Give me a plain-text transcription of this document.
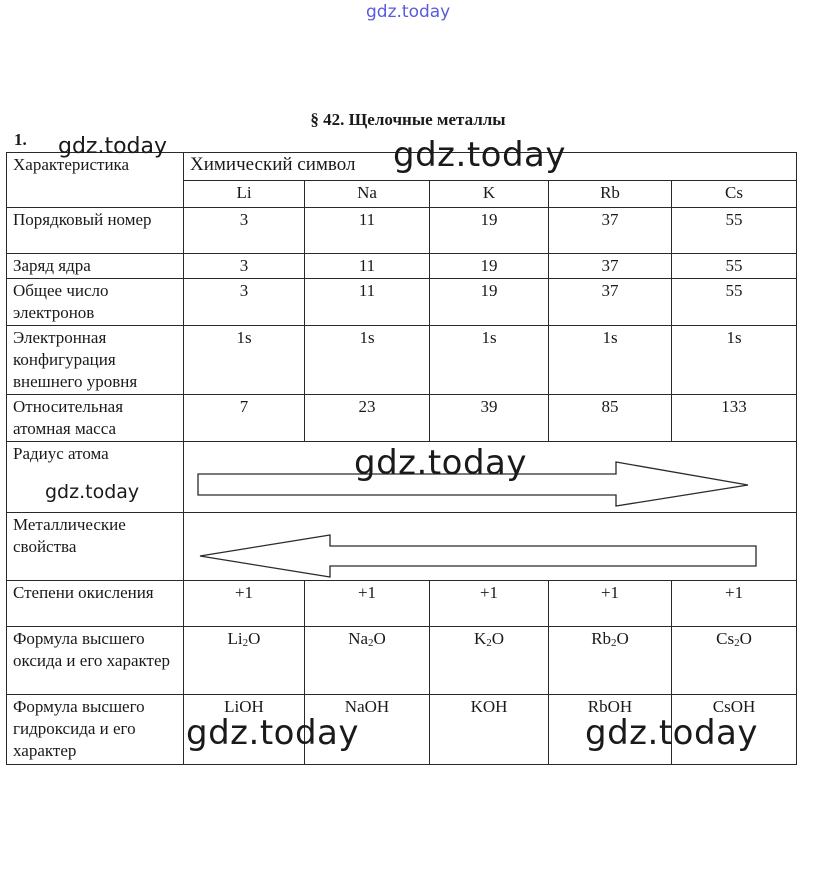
gdz.today
§ 42. Щелочные металлы
1.
Характеристика	Химический символ				
	Li	Na	K	Rb	Cs
Порядковый номер	3	11	19	37	55
Заряд ядра	3	11	19	37	55
Общее число электронов	3	11	19	37	55
Электронная конфигурация внешнего уровня	1s	1s	1s	1s	1s
Относительная атомная масса	7	23	39	85	133
Радиус атома	

Металлические свойства	

Степени окисления	+1	+1	+1	+1	+1
Формула высшего оксида и его характер	$Li_2O$	$Na_2O$	$K_2O$	$Rb_2O$	$Cs_2O$
Формула высшего гидроксида и его характер	LiOH	NaOH	KOH	RbOH	CsOH
gdz.today	gdz.today
gdz.today
gdz.today
gdz.today	gdz.today
